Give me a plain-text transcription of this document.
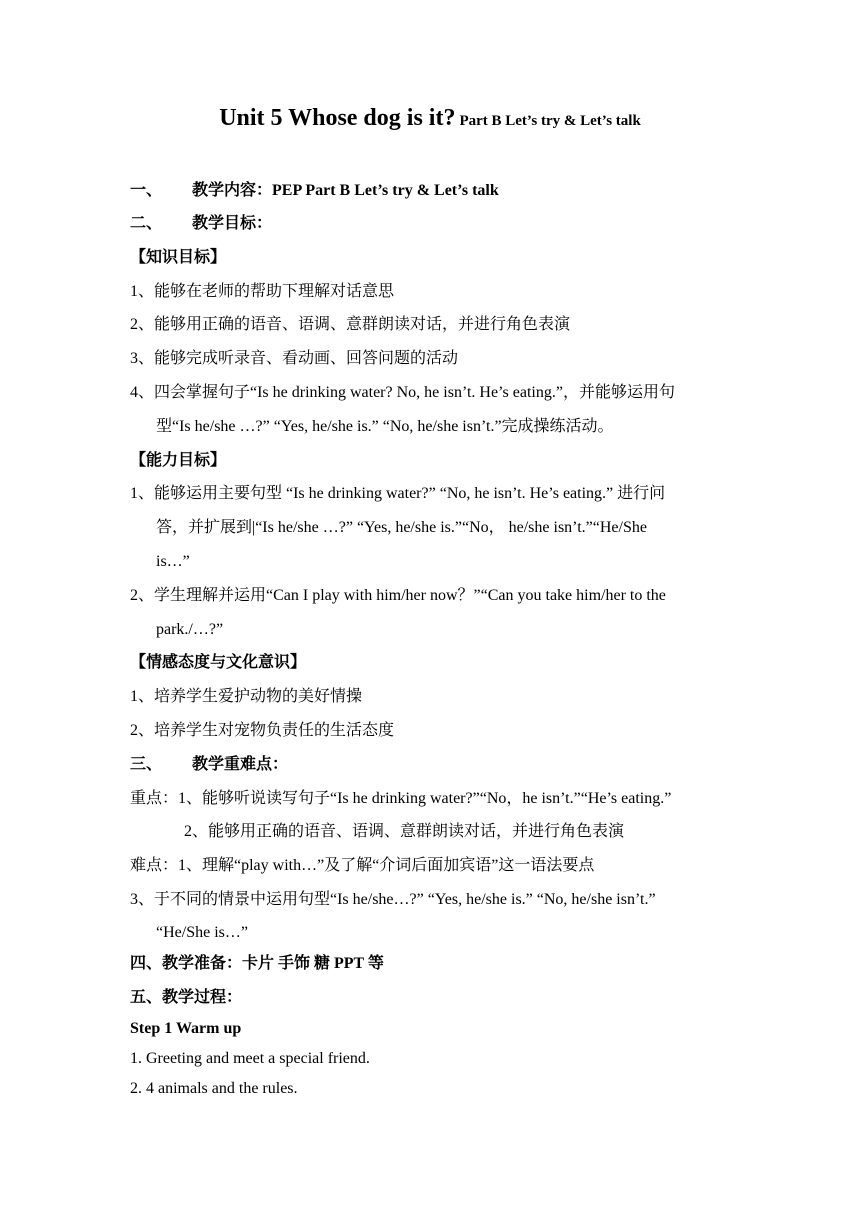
Unit 5 Whose dog is it? Part B Let’s try & Let’s talk
一、 教学内容：PEP Part B Let’s try & Let’s talk
二、 教学目标：
【知识目标】
1、能够在老师的帮助下理解对话意思
2、能够用正确的语音、语调、意群朗读对话，并进行角色表演
3、能够完成听录音、看动画、回答问题的活动
4、四会掌握句子“Is he drinking water? No, he isn’t. He’s eating.”，并能够运用句
型“Is he/she …?” “Yes, he/she is.” “No, he/she isn’t.”完成操练活动。
【能力目标】
1、能够运用主要句型 “Is he drinking water?” “No, he isn’t. He’s eating.” 进行问
答，并扩展到|“Is he/she …?” “Yes, he/she is.”“No， he/she isn’t.”“He/She
is…”
2、学生理解并运用“Can I play with him/her now？”“Can you take him/her to the
park./…?”
【情感态度与文化意识】
1、培养学生爱护动物的美好情操
2、培养学生对宠物负责任的生活态度
三、 教学重难点：
重点：1、能够听说读写句子“Is he drinking water?”“No，he isn’t.”“He’s eating.”
2、能够用正确的语音、语调、意群朗读对话，并进行角色表演
难点：1、理解“play with…”及了解“介词后面加宾语”这一语法要点
3、于不同的情景中运用句型“Is he/she…?” “Yes, he/she is.” “No, he/she isn’t.”
“He/She is…”
四、教学准备：卡片 手饰 糖 PPT 等
五、教学过程：
Step 1 Warm up
1. Greeting and meet a special friend.
2. 4 animals and the rules.
